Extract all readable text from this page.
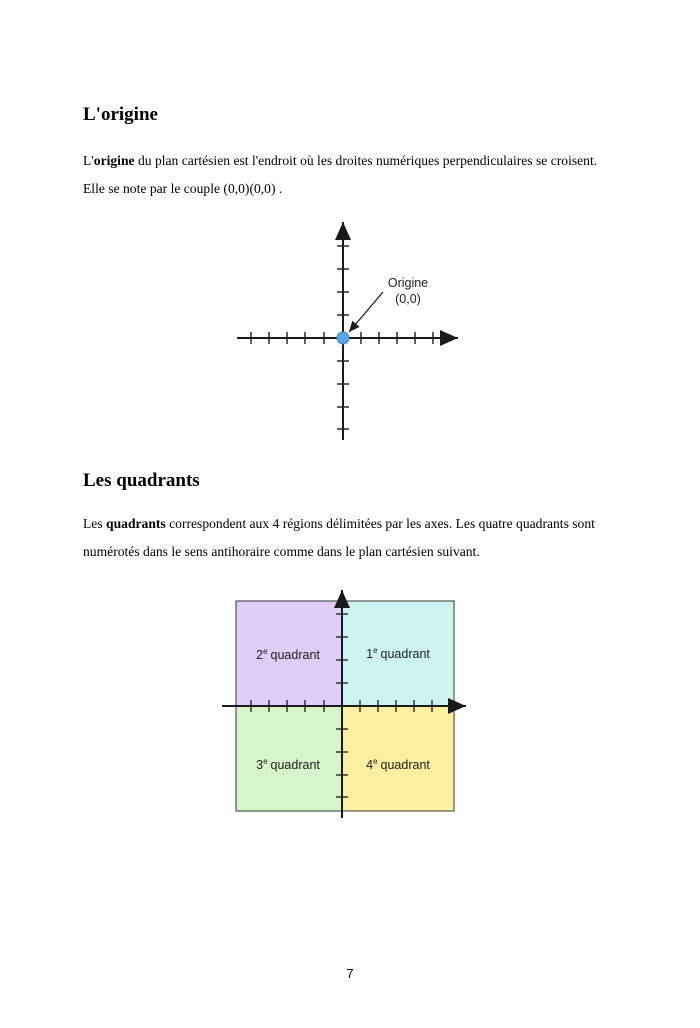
L'origine

L'origine du plan cartésien est l'endroit où les droites numériques perpendiculaires se croisent.
Elle se note par le couple (0,0)(0,0) .

Origine
(0,0)
Les quadrants

Les quadrants correspondent aux 4 régions délimitées par les axes. Les quatre quadrants sont
numérotés dans le sens antihoraire comme dans le plan cartésien suivant.

2e quadrant	1e quadrant
3e quadrant	4e quadrant
7
